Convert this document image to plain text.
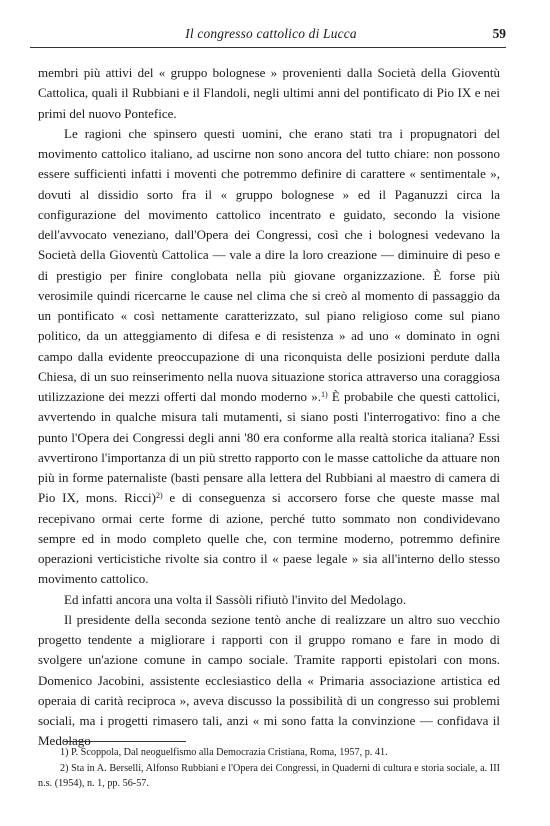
Il congresso cattolico di Lucca	59

membri più attivi del « gruppo bolognese » provenienti dalla Società della Gioventù Cattolica, quali il Rubbiani e il Flandoli, negli ultimi anni del pontificato di Pio IX e nei primi del nuovo Pontefice.

Le ragioni che spinsero questi uomini, che erano stati tra i propugnatori del movimento cattolico italiano, ad uscirne non sono ancora del tutto chiare: non possono essere sufficienti infatti i moventi che potremmo definire di carattere « sentimentale », dovuti al dissidio sorto fra il « gruppo bolognese » ed il Paganuzzi circa la configurazione del movimento cattolico incentrato e guidato, secondo la visione dell'avvocato veneziano, dall'Opera dei Congressi, così che i bolognesi vedevano la Società della Gioventù Cattolica — vale a dire la loro creazione — diminuire di peso e di prestigio per finire conglobata nella più giovane organizzazione. È forse più verosimile quindi ricercarne le cause nel clima che si creò al momento di passaggio da un pontificato « così nettamente caratterizzato, sul piano religioso come sul piano politico, da un atteggiamento di difesa e di resistenza » ad uno « dominato in ogni campo dalla evidente preoccupazione di una riconquista delle posizioni perdute dalla Chiesa, di un suo reinserimento nella nuova situazione storica attraverso una coraggiosa utilizzazione dei mezzi offerti dal mondo moderno ».$^{1)}$ È probabile che questi cattolici, avvertendo in qualche misura tali mutamenti, si siano posti l'interrogativo: fino a che punto l'Opera dei Congressi degli anni '80 era conforme alla realtà storica italiana? Essi avvertirono l'importanza di un più stretto rapporto con le masse cattoliche da attuare non più in forme paternaliste (basti pensare alla lettera del Rubbiani al maestro di camera di Pio IX, mons. Ricci)$^{2)}$ e di conseguenza si accorsero forse che queste masse mal recepivano ormai certe forme di azione, perché tutto sommato non condividevano sempre ed in modo completo quelle che, con termine moderno, potremmo definire operazioni verticistiche rivolte sia contro il « paese legale » sia all'interno dello stesso movimento cattolico.

Ed infatti ancora una volta il Sassòli rifiutò l'invito del Medolago.

Il presidente della seconda sezione tentò anche di realizzare un altro suo vecchio progetto tendente a migliorare i rapporti con il gruppo romano e fare in modo di svolgere un'azione comune in campo sociale. Tramite rapporti epistolari con mons. Domenico Jacobini, assistente ecclesiastico della « Primaria associazione artistica ed operaia di carità reciproca », aveva discusso la possibilità di un congresso sui problemi sociali, ma i progetti rimasero tali, anzi « mi sono fatta la convinzione — confidava il Medolago

1) P. Scoppola, Dal neoguelfismo alla Democrazia Cristiana, Roma, 1957, p. 41.

2) Sta in A. Berselli, Alfonso Rubbiani e l'Opera dei Congressi, in Quaderni di cultura e storia sociale, a. III n.s. (1954), n. 1, pp. 56-57.
